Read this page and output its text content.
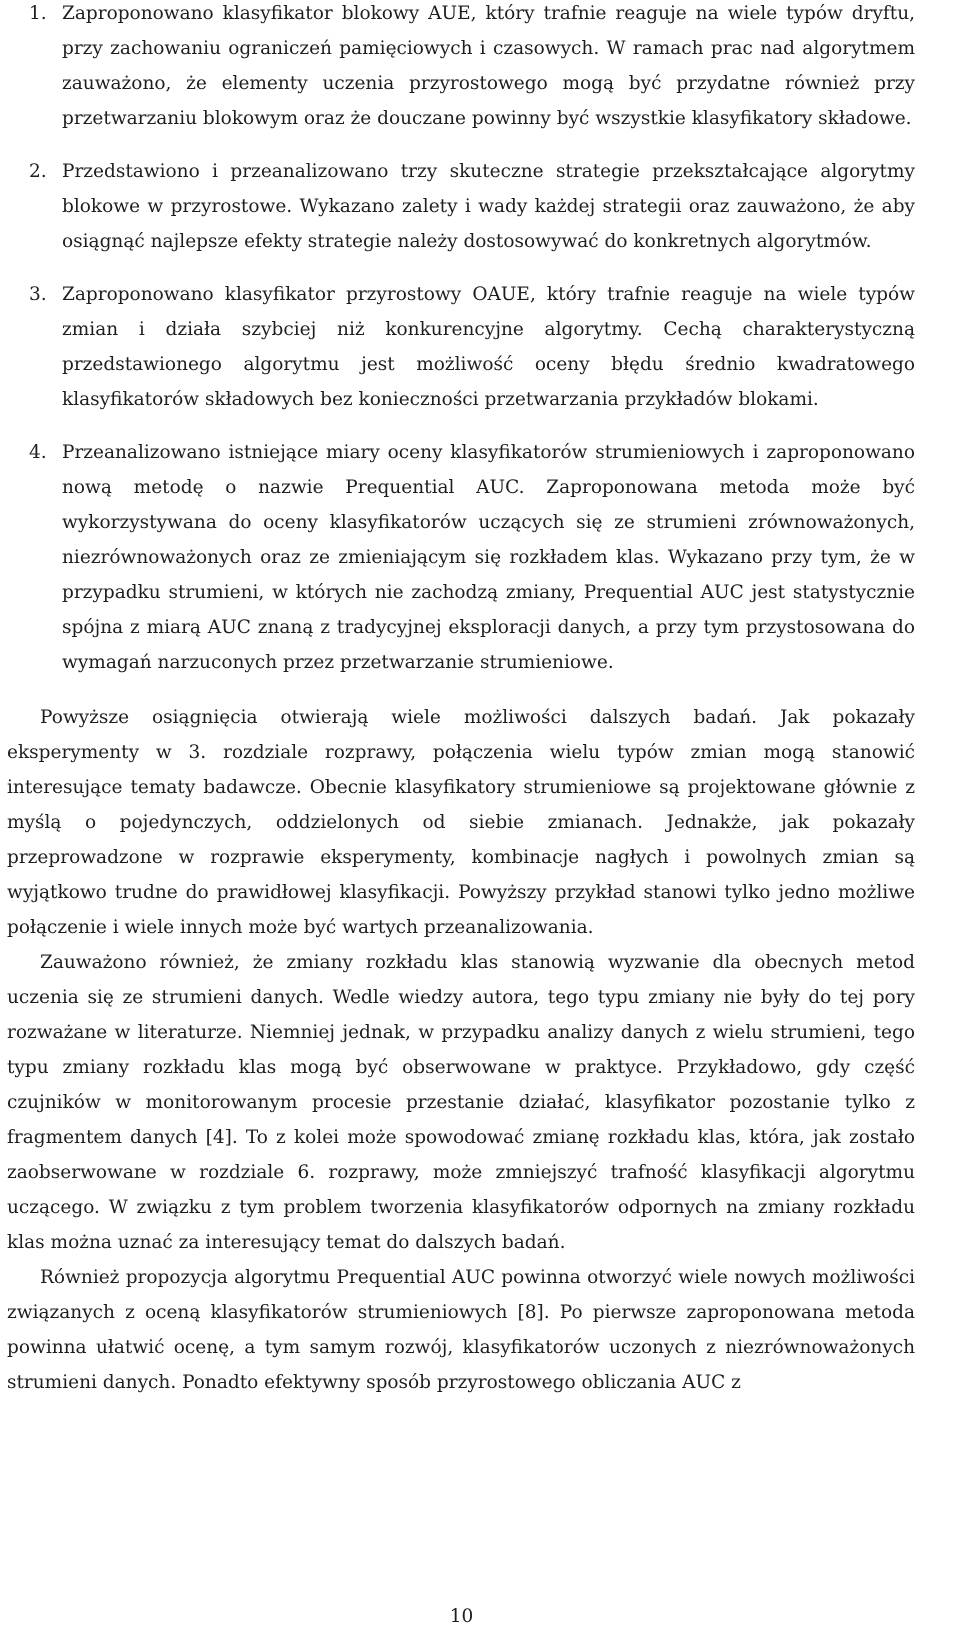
1. Zaproponowano klasyfikator blokowy AUE, który trafnie reaguje na wiele typów dryftu, przy zachowaniu ograniczeń pamięciowych i czasowych. W ramach prac nad algorytmem zauważono, że elementy uczenia przyrostowego mogą być przydatne również przy przetwarzaniu blokowym oraz że douczane powinny być wszystkie klasyfikatory składowe.
2. Przedstawiono i przeanalizowano trzy skuteczne strategie przekształcające algorytmy blokowe w przyrostowe. Wykazano zalety i wady każdej strategii oraz zauważono, że aby osiągnąć najlepsze efekty strategie należy dostosowywać do konkretnych algorytmów.
3. Zaproponowano klasyfikator przyrostowy OAUE, który trafnie reaguje na wiele typów zmian i działa szybciej niż konkurencyjne algorytmy. Cechą charakterystyczną przedstawionego algorytmu jest możliwość oceny błędu średnio kwadratowego klasyfikatorów składowych bez konieczności przetwarzania przykładów blokami.
4. Przeanalizowano istniejące miary oceny klasyfikatorów strumieniowych i zaproponowano nową metodę o nazwie Prequential AUC. Zaproponowana metoda może być wykorzystywana do oceny klasyfikatorów uczących się ze strumieni zrównoważonych, niezrównoważonych oraz ze zmieniającym się rozkładem klas. Wykazano przy tym, że w przypadku strumieni, w których nie zachodzą zmiany, Prequential AUC jest statystycznie spójna z miarą AUC znaną z tradycyjnej eksploracji danych, a przy tym przystosowana do wymagań narzuconych przez przetwarzanie strumieniowe.

Powyższe osiągnięcia otwierają wiele możliwości dalszych badań. Jak pokazały eksperymenty w 3. rozdziale rozprawy, połączenia wielu typów zmian mogą stanowić interesujące tematy badawcze. Obecnie klasyfikatory strumieniowe są projektowane głównie z myślą o pojedynczych, oddzielonych od siebie zmianach. Jednakże, jak pokazały przeprowadzone w rozprawie eksperymenty, kombinacje nagłych i powolnych zmian są wyjątkowo trudne do prawidłowej klasyfikacji. Powyższy przykład stanowi tylko jedno możliwe połączenie i wiele innych może być wartych przeanalizowania.

Zauważono również, że zmiany rozkładu klas stanowią wyzwanie dla obecnych metod uczenia się ze strumieni danych. Wedle wiedzy autora, tego typu zmiany nie były do tej pory rozważane w literaturze. Niemniej jednak, w przypadku analizy danych z wielu strumieni, tego typu zmiany rozkładu klas mogą być obserwowane w praktyce. Przykładowo, gdy część czujników w monitorowanym procesie przestanie działać, klasyfikator pozostanie tylko z fragmentem danych [4]. To z kolei może spowodować zmianę rozkładu klas, która, jak zostało zaobserwowane w rozdziale 6. rozprawy, może zmniejszyć trafność klasyfikacji algorytmu uczącego. W związku z tym problem tworzenia klasyfikatorów odpornych na zmiany rozkładu klas można uznać za interesujący temat do dalszych badań.

Również propozycja algorytmu Prequential AUC powinna otworzyć wiele nowych możliwości związanych z oceną klasyfikatorów strumieniowych [8]. Po pierwsze zaproponowana metoda powinna ułatwić ocenę, a tym samym rozwój, klasyfikatorów uczonych z niezrównoważonych strumieni danych. Ponadto efektywny sposób przyrostowego obliczania AUC z

10
